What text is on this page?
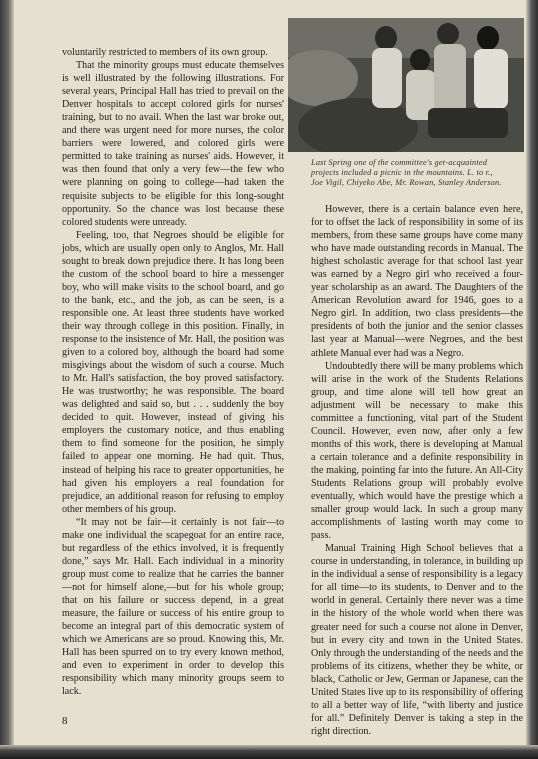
voluntarily restricted to members of its own group.

That the minority groups must educate themselves is well illustrated by the following illustrations. For several years, Principal Hall has tried to prevail on the Denver hospitals to accept colored girls for nurses' training, but to no avail. When the last war broke out, and there was urgent need for more nurses, the color barriers were lowered, and colored girls were permitted to take training as nurses' aids. However, it was then found that only a very few—the few who were planning on going to college—had taken the requisite subjects to be eligible for this long-sought opportunity. So the chance was lost because these colored students were unready.

Feeling, too, that Negroes should be eligible for jobs, which are usually open only to Anglos, Mr. Hall sought to break down prejudice there. It has long been the custom of the school board to hire a messenger boy, who will make visits to the school board, and go to the bank, etc., and the job, as can be seen, is a responsible one. At least three students have worked their way through college in this position. Finally, in response to the insistence of Mr. Hall, the position was given to a colored boy, although the board had some misgivings about the wisdom of such a course. Much to Mr. Hall's satisfaction, the boy proved satisfactory. He was trustworthy; he was responsible. The board was delighted and said so, but . . . suddenly the boy decided to quit. However, instead of giving his employers the customary notice, and thus enabling them to find someone for the position, he simply failed to appear one morning. He had quit. Thus, instead of helping his race to greater opportunities, he had given his employers a real foundation for prejudice, an additional reason for refusing to employ other members of his group.

“It may not be fair—it certainly is not fair—to make one individual the scapegoat for an entire race, but regardless of the ethics involved, it is frequently done,” says Mr. Hall. Each individual in a minority group must come to realize that he carries the banner—not for himself alone,—but for his whole group; that on his failure or success depend, in a great measure, the failure or success of his entire group to become an integral part of this democratic system of which we Americans are so proud. Knowing this, Mr. Hall has been spurred on to try every known method, and even to experiment in order to develop this responsibility which many minority groups seem to lack.

Last Spring one of the committee's get-acquainted
projects included a picnic in the mountains. L. to r.,
Joe Vigil, Chiyeko Abe, Mr. Rowan, Stanley Anderson.

However, there is a certain balance even here, for to offset the lack of responsibility in some of its members, from these same groups have come many who have made outstanding records in Manual. The highest scholastic average for that school last year was earned by a Negro girl who received a four-year scholarship as an award. The Daughters of the American Revolution award for 1946, goes to a Negro girl. In addition, two class presidents—the presidents of both the junior and the senior classes last year at Manual—were Negroes, and the best athlete Manual ever had was a Negro.

Undoubtedly there will be many problems which will arise in the work of the Students Relations group, and time alone will tell how great an adjustment will be necessary to make this committee a functioning, vital part of the Student Council. However, even now, after only a few months of this work, there is developing at Manual a certain tolerance and a definite responsibility in the making, pointing far into the future. An All-City Students Relations group will probably evolve eventually, which would have the prestige which a smaller group would lack. In such a group many accomplishments of lasting worth may come to pass.

Manual Training High School believes that a course in understanding, in tolerance, in building up in the individual a sense of responsibility is a legacy for all time—to its students, to Denver and to the world in general. Certainly there never was a time in the history of the whole world when there was greater need for such a course not alone in Denver, but in every city and town in the United States. Only through the understanding of the needs and the problems of its citizens, whether they be white, or black, Catholic or Jew, German or Japanese, can the United States live up to its responsibility of offering to all a better way of life, “with liberty and justice for all.” Definitely Denver is taking a step in the right direction.

8
